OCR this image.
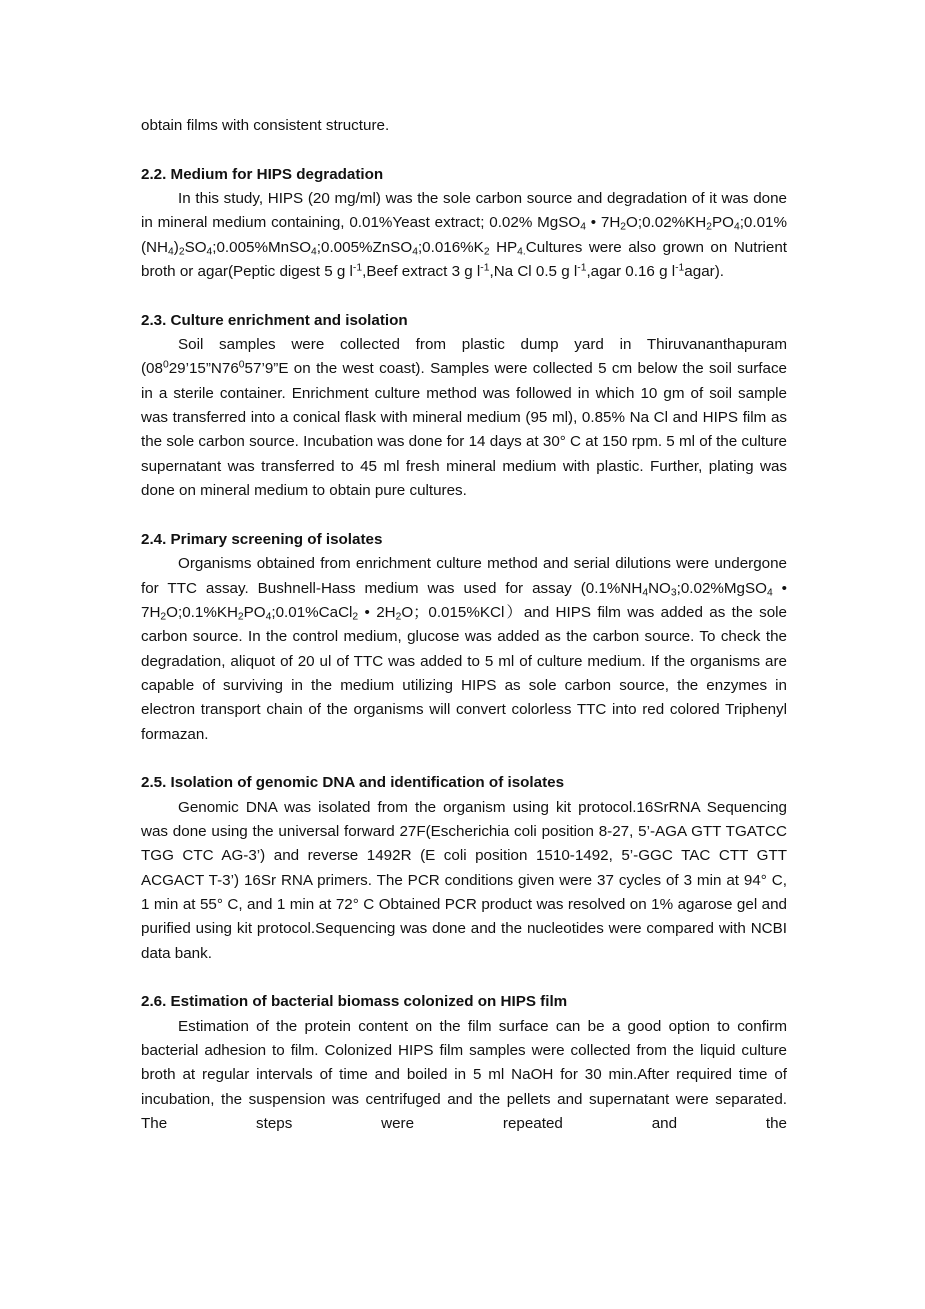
obtain films with consistent structure.

2.2. Medium for HIPS degradation

In this study, HIPS (20 mg/ml) was the sole carbon source and degradation of it was done in mineral medium containing, 0.01%Yeast extract; 0.02% MgSO$_4$ • $7H_2O;0.02\%KH_2PO_4;0.01\%(NH_4)_2SO_4;0.005\%MnSO_4;0.005\%ZnSO_4;0.016\%K_2$ $HP_{4.}Cultures$ were also grown on Nutrient broth or agar(Peptic digest 5 g $l^{-1},Beef$ extract 3 g $l^{-1},Na$ Cl 0.5 g $l^{-1},agar$ 0.16 g $l^{-1}agar$).

2.3. Culture enrichment and isolation

Soil samples were collected from plastic dump yard in Thiruvananthapuram ($08^029’15”N76^057’9”E$ on the west coast). Samples were collected 5 cm below the soil surface in a sterile container. Enrichment culture method was followed in which 10 gm of soil sample was transferred into a conical flask with mineral medium (95 ml), 0.85% Na Cl and HIPS film as the sole carbon source. Incubation was done for 14 days at 30° C at 150 rpm. 5 ml of the culture supernatant was transferred to 45 ml fresh mineral medium with plastic. Further, plating was done on mineral medium to obtain pure cultures.

2.4. Primary screening of isolates

Organisms obtained from enrichment culture method and serial dilutions were undergone for TTC assay. Bushnell-Hass medium was used for assay ($0.1\%NH_4NO_3;0.02\%MgSO_4$ • $7H_2O;0.1\%KH_2PO_4;0.01\%CaCl_2$ • $2H_2O$；0.015%KCl）and HIPS film was added as the sole carbon source. In the control medium, glucose was added as the carbon source. To check the degradation, aliquot of 20 ul of TTC was added to 5 ml of culture medium. If the organisms are capable of surviving in the medium utilizing HIPS as sole carbon source, the enzymes in electron transport chain of the organisms will convert colorless TTC into red colored Triphenyl formazan.

2.5. Isolation of genomic DNA and identification of isolates

Genomic DNA was isolated from the organism using kit protocol.16SrRNA Sequencing was done using the universal forward 27F(Escherichia coli position 8-27, 5’-AGA GTT TGATCC TGG CTC AG-3’) and reverse 1492R (E coli position 1510-1492, 5’-GGC TAC CTT GTT ACGACT T-3’) 16Sr RNA primers. The PCR conditions given were 37 cycles of 3 min at 94° C, 1 min at 55° C, and 1 min at 72° C Obtained PCR product was resolved on 1% agarose gel and purified using kit protocol.Sequencing was done and the nucleotides were compared with NCBI data bank.

2.6. Estimation of bacterial biomass colonized on HIPS film

Estimation of the protein content on the film surface can be a good option to confirm bacterial adhesion to film. Colonized HIPS film samples were collected from the liquid culture broth at regular intervals of time and boiled in 5 ml NaOH for 30 min.After required time of incubation, the suspension was centrifuged and the pellets and supernatant were separated. The steps were repeated and the
